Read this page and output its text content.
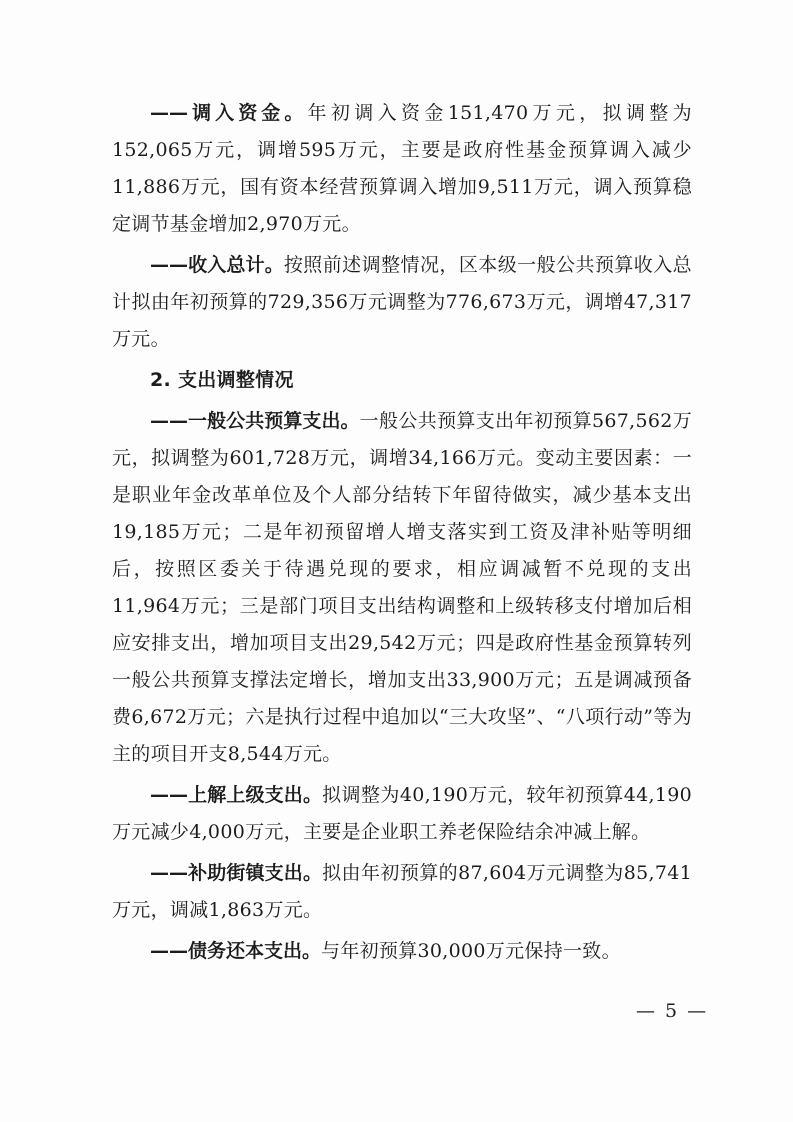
——调入资金。年初调入资金151,470万元，拟调整为152,065万元，调增595万元，主要是政府性基金预算调入减少11,886万元，国有资本经营预算调入增加9,511万元，调入预算稳定调节基金增加2,970万元。

——收入总计。按照前述调整情况，区本级一般公共预算收入总计拟由年初预算的729,356万元调整为776,673万元，调增47,317万元。

2. 支出调整情况

——一般公共预算支出。一般公共预算支出年初预算567,562万元，拟调整为601,728万元，调增34,166万元。变动主要因素：一是职业年金改革单位及个人部分结转下年留待做实，减少基本支出19,185万元；二是年初预留增人增支落实到工资及津补贴等明细后，按照区委关于待遇兑现的要求，相应调减暂不兑现的支出11,964万元；三是部门项目支出结构调整和上级转移支付增加后相应安排支出，增加项目支出29,542万元；四是政府性基金预算转列一般公共预算支撑法定增长，增加支出33,900万元；五是调减预备费6,672万元；六是执行过程中追加以“三大攻坚”、“八项行动”等为主的项目开支8,544万元。

——上解上级支出。拟调整为40,190万元，较年初预算44,190万元减少4,000万元，主要是企业职工养老保险结余冲减上解。

——补助街镇支出。拟由年初预算的87,604万元调整为85,741万元，调减1,863万元。

——债务还本支出。与年初预算30,000万元保持一致。

— 5 —
